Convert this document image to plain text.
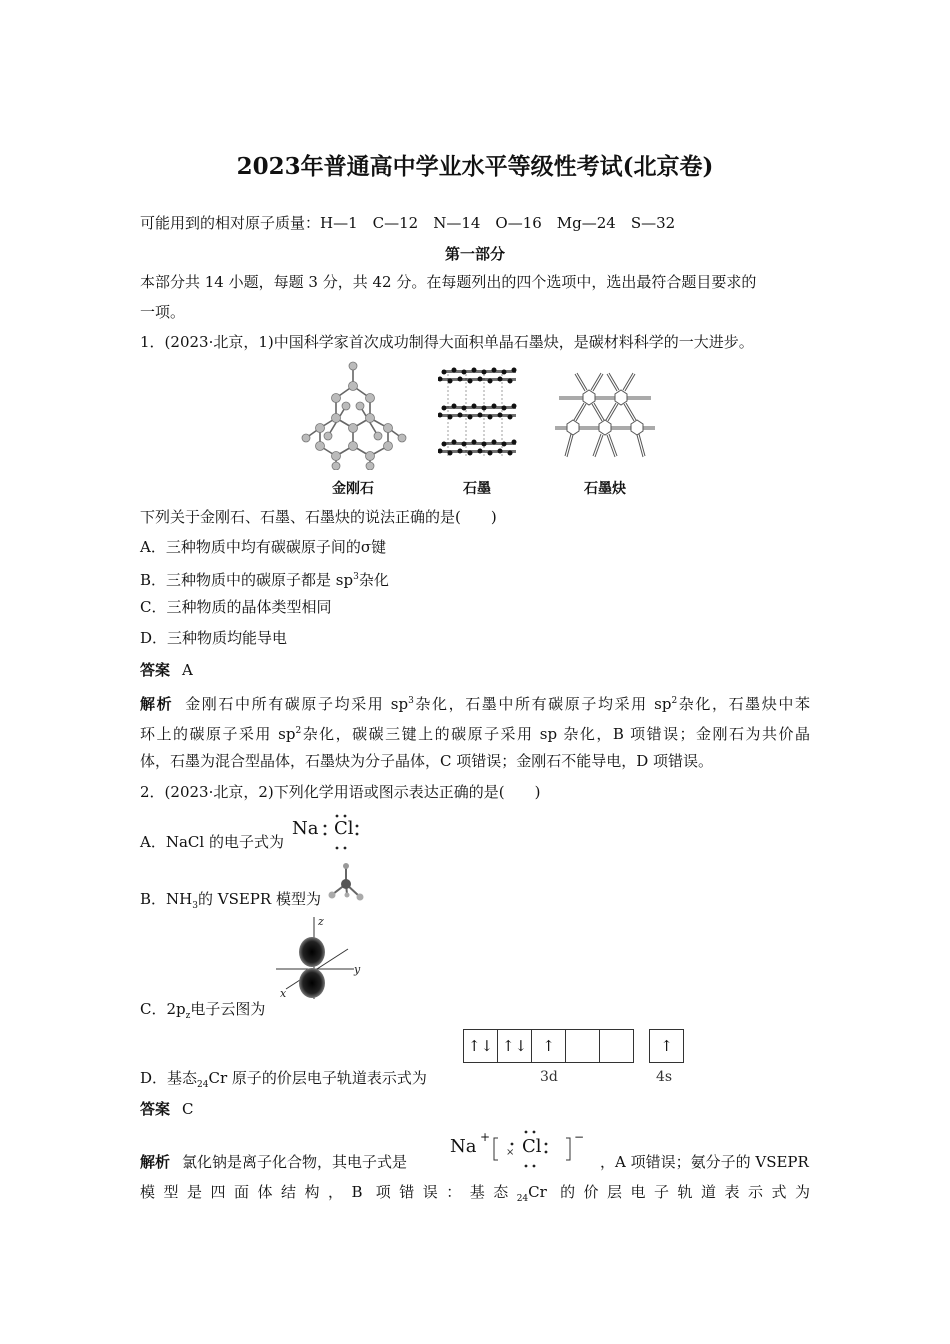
2023年普通高中学业水平等级性考试(北京卷)
可能用到的相对原子质量：H—1　C—12　N—14　O—16　Mg—24　S—32
第一部分
本部分共 14 小题，每题 3 分，共 42 分。在每题列出的四个选项中，选出最符合题目要求的
一项。
1．(2023·北京，1)中国科学家首次成功制得大面积单晶石墨炔，是碳材料科学的一大进步。
金刚石	石墨	石墨炔
下列关于金刚石、石墨、石墨炔的说法正确的是(　　)
A．三种物质中均有碳碳原子间的σ键
B．三种物质中的碳原子都是 $sp^3$杂化
C．三种物质的晶体类型相同
D．三种物质均能导电
答案 A
解析 金刚石中所有碳原子均采用 $sp^3$杂化，石墨中所有碳原子均采用 $sp^2$杂化，石墨炔中苯
环上的碳原子采用 $sp^2$杂化，碳碳三键上的碳原子采用 sp 杂化，B 项错误；金刚石为共价晶
体，石墨为混合型晶体，石墨炔为分子晶体，C 项错误；金刚石不能导电，D 项错误。
2．(2023·北京，2)下列化学用语或图示表达正确的是(　　)
A．NaCl 的电子式为
Na Cl
B．$NH_3$的 VSEPR 模型为
z
y
x
C．$2p_z$电子云图为
D．基态$_{24}$Cr 原子的价层电子轨道表示式为
↑↓ ↑↓	↑	↑
3d	4s
答案 C
解析 氯化钠是离子化合物，其电子式是
Na + Cl	−
×
，A 项错误；氨分子的 VSEPR
模型是四面体结构，B 项错误：基态$_{24}$Cr 的价层电子轨道表示式为
